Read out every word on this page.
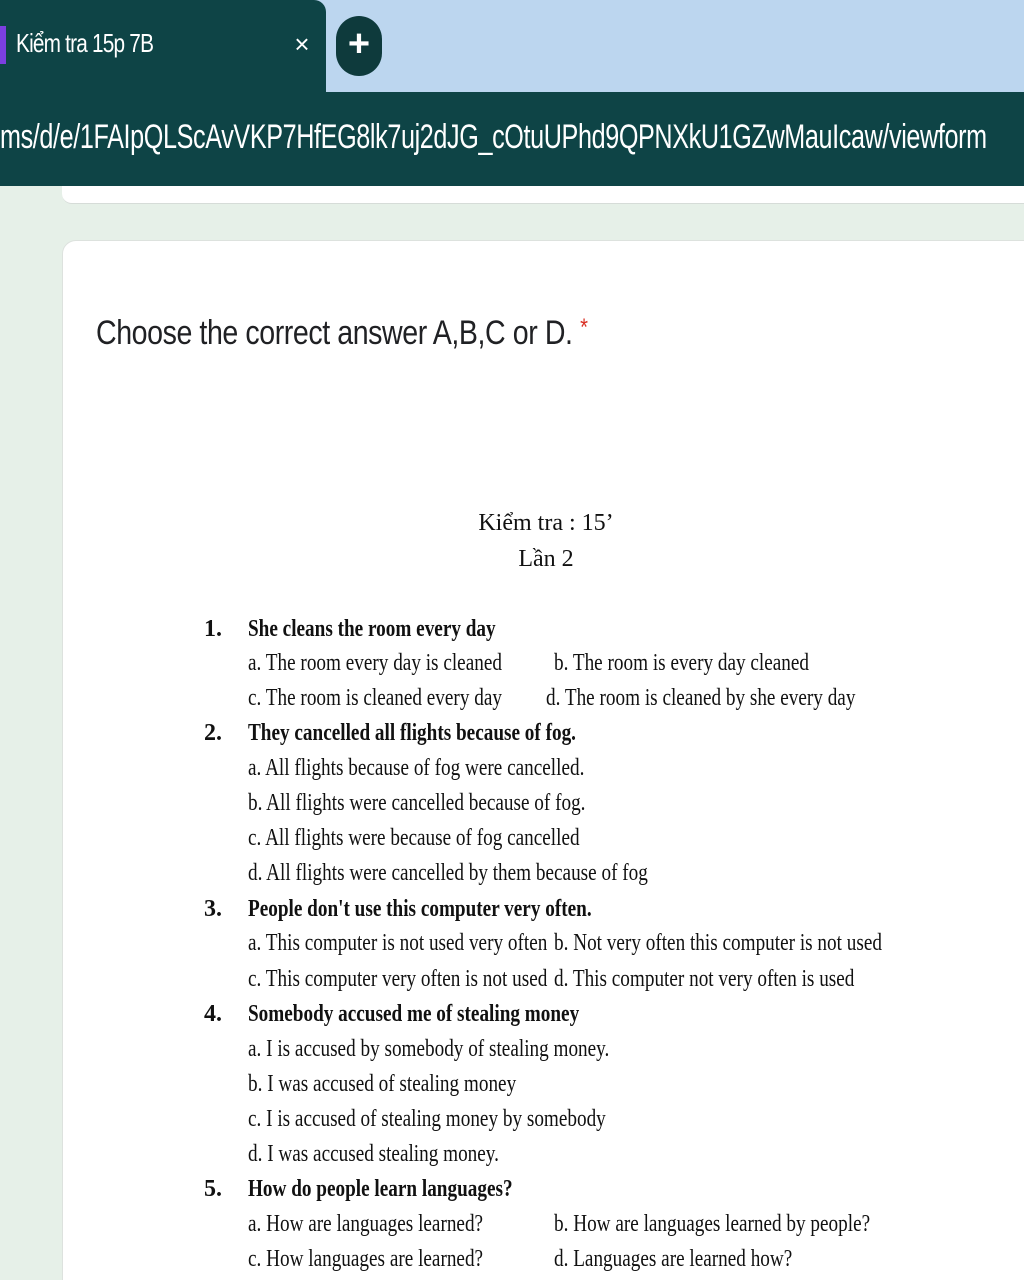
Kiểm tra 15p 7B	×	+
ms/d/e/1FAIpQLScAvVKP7HfEG8lk7uj2dJG_cOtuUPhd9QPNXkU1GZwMauIcaw/viewform
Choose the correct answer A,B,C or D. *
Kiểm tra : 15’
Lần 2
1. She cleans the room every day
a. The room every day is cleaned b. The room is every day cleaned
c. The room is cleaned every day d. The room is cleaned by she every day
2. They cancelled all flights because of fog.
a. All flights because of fog were cancelled.
b. All flights were cancelled because of fog.
c. All flights were because of fog cancelled
d. All flights were cancelled by them because of fog
3. People don't use this computer very often.
a. This computer is not used very often b. Not very often this computer is not used
c. This computer very often is not used d. This computer not very often is used
4. Somebody accused me of stealing money
a. I is accused by somebody of stealing money.
b. I was accused of stealing money
c. I is accused of stealing money by somebody
d. I was accused stealing money.
5. How do people learn languages?
a. How are languages learned?	b. How are languages learned by people?
c. How languages are learned?	d. Languages are learned how?
